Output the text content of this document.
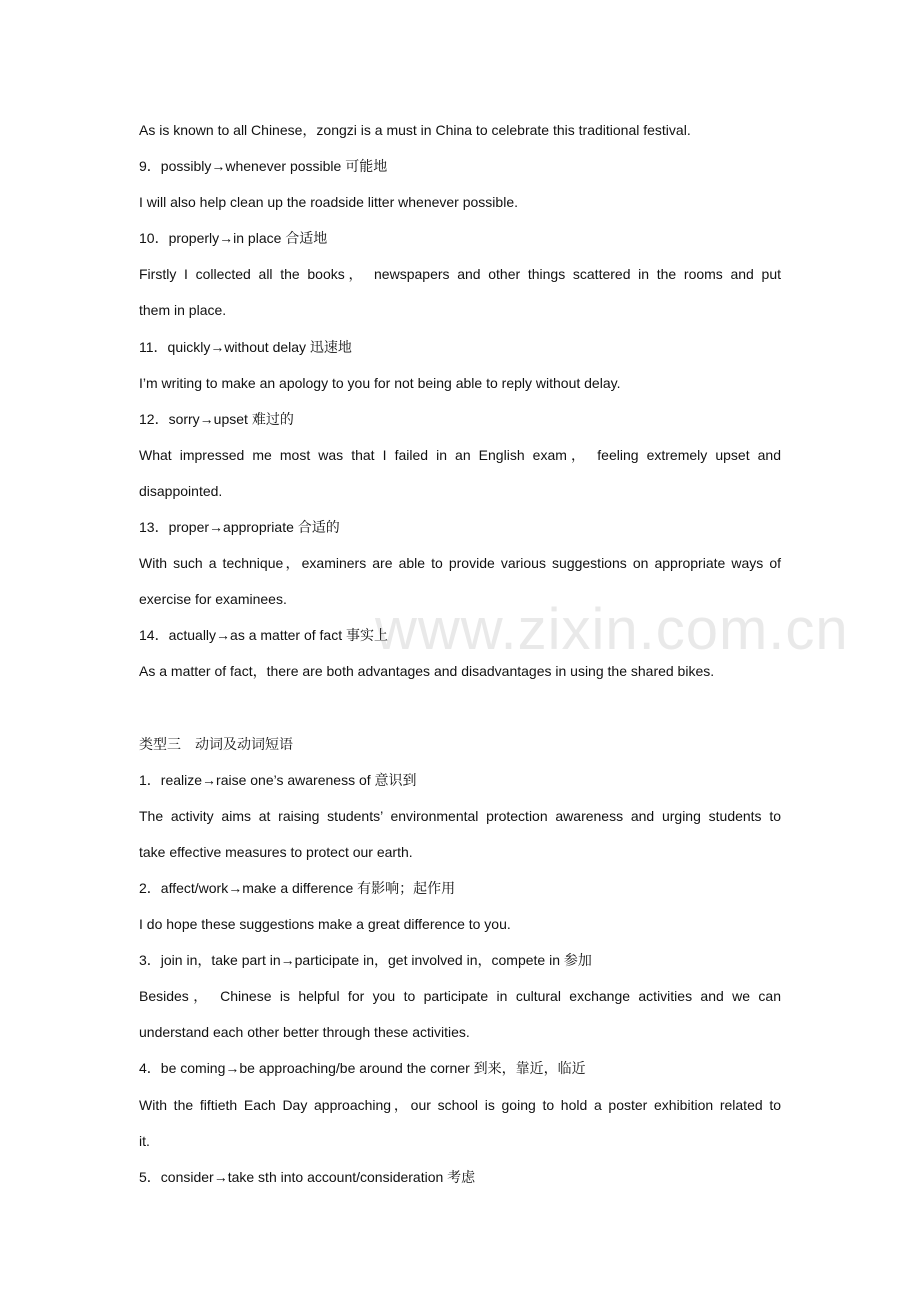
www.zixin.com.cn
As is known to all Chinese，zongzi is a must in China to celebrate this traditional festival.
9．possibly→whenever possible 可能地
I will also help clean up the roadside litter whenever possible.
10．properly→in place 合适地
Firstly I collected all the books， newspapers and other things scattered in the rooms and put
them in place.
11．quickly→without delay 迅速地
I’m writing to make an apology to you for not being able to reply without delay.
12．sorry→upset 难过的
What impressed me most was that I failed in an English exam， feeling extremely upset and
disappointed.
13．proper→appropriate 合适的
With such a technique，examiners are able to provide various suggestions on appropriate ways of
exercise for examinees.
14．actually→as a matter of fact 事实上
As a matter of fact，there are both advantages and disadvantages in using the shared bikes.
类型三　动词及动词短语
1．realize→raise one’s awareness of 意识到
The activity aims at raising students’ environmental protection awareness and urging students to
take effective measures to protect our earth.
2．affect/work→make a difference 有影响；起作用
I do hope these suggestions make a great difference to you.
3．join in，take part in→participate in，get involved in，compete in 参加
Besides， Chinese is helpful for you to participate in cultural exchange activities and we can
understand each other better through these activities.
4．be coming→be approaching/be around the corner 到来，靠近，临近
With the fiftieth Each Day approaching，our school is going to hold a poster exhibition related to
it.
5．consider→take sth into account/consideration 考虑
